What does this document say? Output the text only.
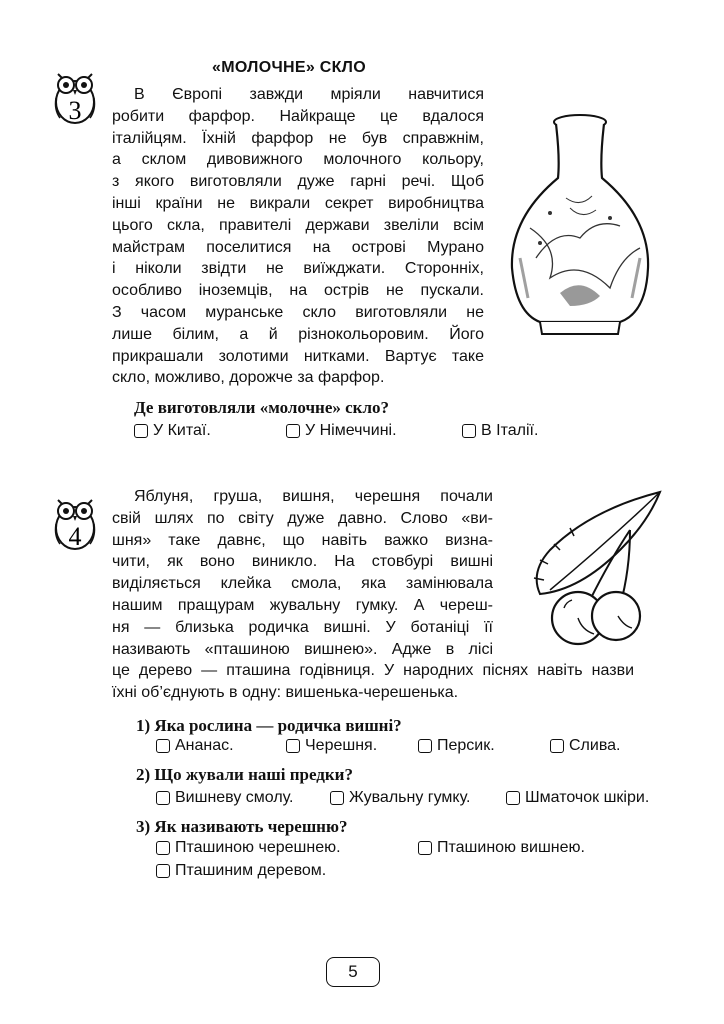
3
«МОЛОЧНЕ» СКЛО
В Європі завжди мріяли навчитися
робити фарфор. Найкраще це вдалося
італійцям. Їхній фарфор не був справжнім,
а склом дивовижного молочного кольору,
з якого виготовляли дуже гарні речі. Щоб
інші країни не викрали секрет виробництва
цього скла, правителі держави звеліли всім
майстрам поселитися на острові Мурано
і ніколи звідти не виїжджати. Сторонніх,
особливо іноземців, на острів не пускали.
З часом муранське скло виготовляли не
лише білим, а й різнокольоровим. Його
прикрашали золотими нитками. Вартує таке
скло, можливо, дорожче за фарфор.
Де виготовляли «молочне» скло?
У Китаї.	У Німеччині.	В Італії.
4
Яблуня, груша, вишня, черешня почали
свій шлях по світу дуже давно. Слово «ви-
шня» таке давнє, що навіть важко визна-
чити, як воно виникло. На стовбурі вишні
виділяється клейка смола, яка замінювала
нашим пращурам жувальну гумку. А череш-
ня — близька родичка вишні. У ботаніці її
називають «пташиною вишнею». Адже в лісі
це дерево — пташина годівниця. У народних піснях навіть назви
їхні об’єднують в одну: вишенька-черешенька.
1) Яка рослина — родичка вишні?
Ананас.	Черешня.	Персик.	Слива.
2) Що жували наші предки?
Вишневу смолу.	Жувальну гумку.	Шматочок шкіри.
3) Як називають черешню?
Пташиною черешнею.	Пташиною вишнею.
Пташиним деревом.
5
